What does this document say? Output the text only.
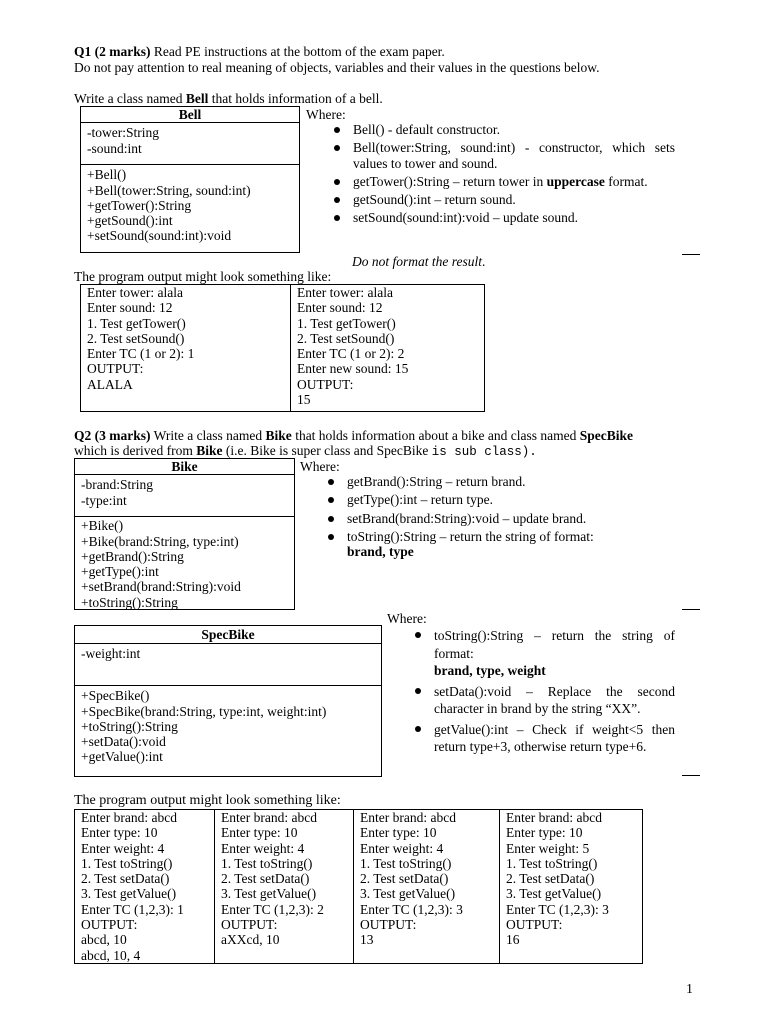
Q1 (2 marks) Read PE instructions at the bottom of the exam paper.
Do not pay attention to real meaning of objects, variables and their values in the questions below.
Write a class named Bell that holds information of a bell.
Bell
-tower:String
-sound:int
+Bell()
+Bell(tower:String, sound:int)
+getTower():String
+getSound():int
+setSound(sound:int):void
Where:
Bell() - default constructor.
Bell(tower:String, sound:int) - constructor, which sets values to tower and sound.
getTower():String – return tower in uppercase format.
getSound():int – return sound.
setSound(sound:int):void – update sound.
Do not format the result.
The program output might look something like:
Enter tower: alala
Enter sound: 12
1. Test getTower()
2. Test setSound()
Enter TC (1 or 2): 1
OUTPUT:
ALALA

Enter tower: alala
Enter sound: 12
1. Test getTower()
2. Test setSound()
Enter TC (1 or 2): 2
Enter new sound: 15
OUTPUT:
15
Q2 (3 marks) Write a class named Bike that holds information about a bike and class named SpecBike
which is derived from Bike (i.e. Bike is super class and SpecBike is sub class).
Bike
-brand:String
-type:int
+Bike()
+Bike(brand:String, type:int)
+getBrand():String
+getType():int
+setBrand(brand:String):void
+toString():String
Where:
getBrand():String – return brand.
getType():int – return type.
setBrand(brand:String):void – update brand.
toString():String – return the string of format:
brand, type
Where:
SpecBike
-weight:int
+SpecBike()
+SpecBike(brand:String, type:int, weight:int)
+toString():String
+setData():void
+getValue():int
toString():String – return the string of format:
brand, type, weight
setData():void – Replace the second character in brand by the string “XX”.
getValue():int – Check if weight<5 then return type+3, otherwise return type+6.
The program output might look something like:
Enter brand: abcd
Enter type: 10
Enter weight: 4
1. Test toString()
2. Test setData()
3. Test getValue()
Enter TC (1,2,3): 1
OUTPUT:
abcd, 10
abcd, 10, 4

Enter brand: abcd
Enter type: 10
Enter weight: 4
1. Test toString()
2. Test setData()
3. Test getValue()
Enter TC (1,2,3): 2
OUTPUT:
aXXcd, 10

Enter brand: abcd
Enter type: 10
Enter weight: 4
1. Test toString()
2. Test setData()
3. Test getValue()
Enter TC (1,2,3): 3
OUTPUT:
13

Enter brand: abcd
Enter type: 10
Enter weight: 5
1. Test toString()
2. Test setData()
3. Test getValue()
Enter TC (1,2,3): 3
OUTPUT:
16
1
